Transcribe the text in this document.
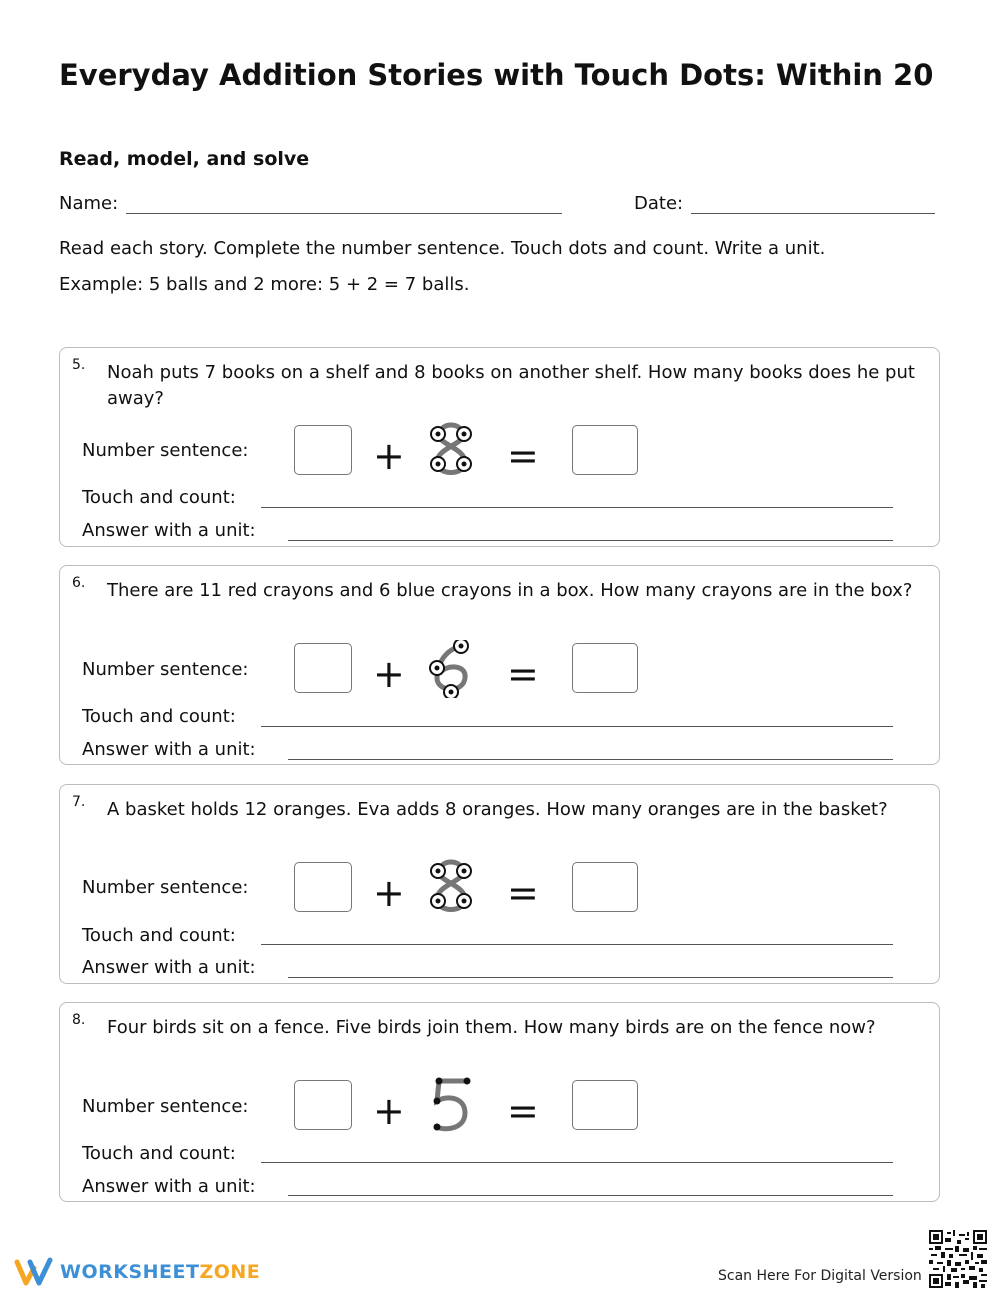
Everyday Addition Stories with Touch Dots: Within 20
Read, model, and solve
Name:	Date:

Read each story. Complete the number sentence. Touch dots and count. Write a unit.

Example: 5 balls and 2 more: 5 + 2 = 7 balls.

5. Noah puts 7 books on a shelf and 8 books on another shelf. How many books does he put away?
Number sentence:	+	=
Touch and count:
Answer with a unit:
6. There are 11 red crayons and 6 blue crayons in a box. How many crayons are in the box?
Number sentence:	+	=
Touch and count:
Answer with a unit:
7. A basket holds 12 oranges. Eva adds 8 oranges. How many oranges are in the basket?
Number sentence:	+	=
Touch and count:
Answer with a unit:
8. Four birds sit on a fence. Five birds join them. How many birds are on the fence now?
Number sentence:	+	=
Touch and count:
Answer with a unit:
WORKSHEETZONE	Scan Here For Digital Version
